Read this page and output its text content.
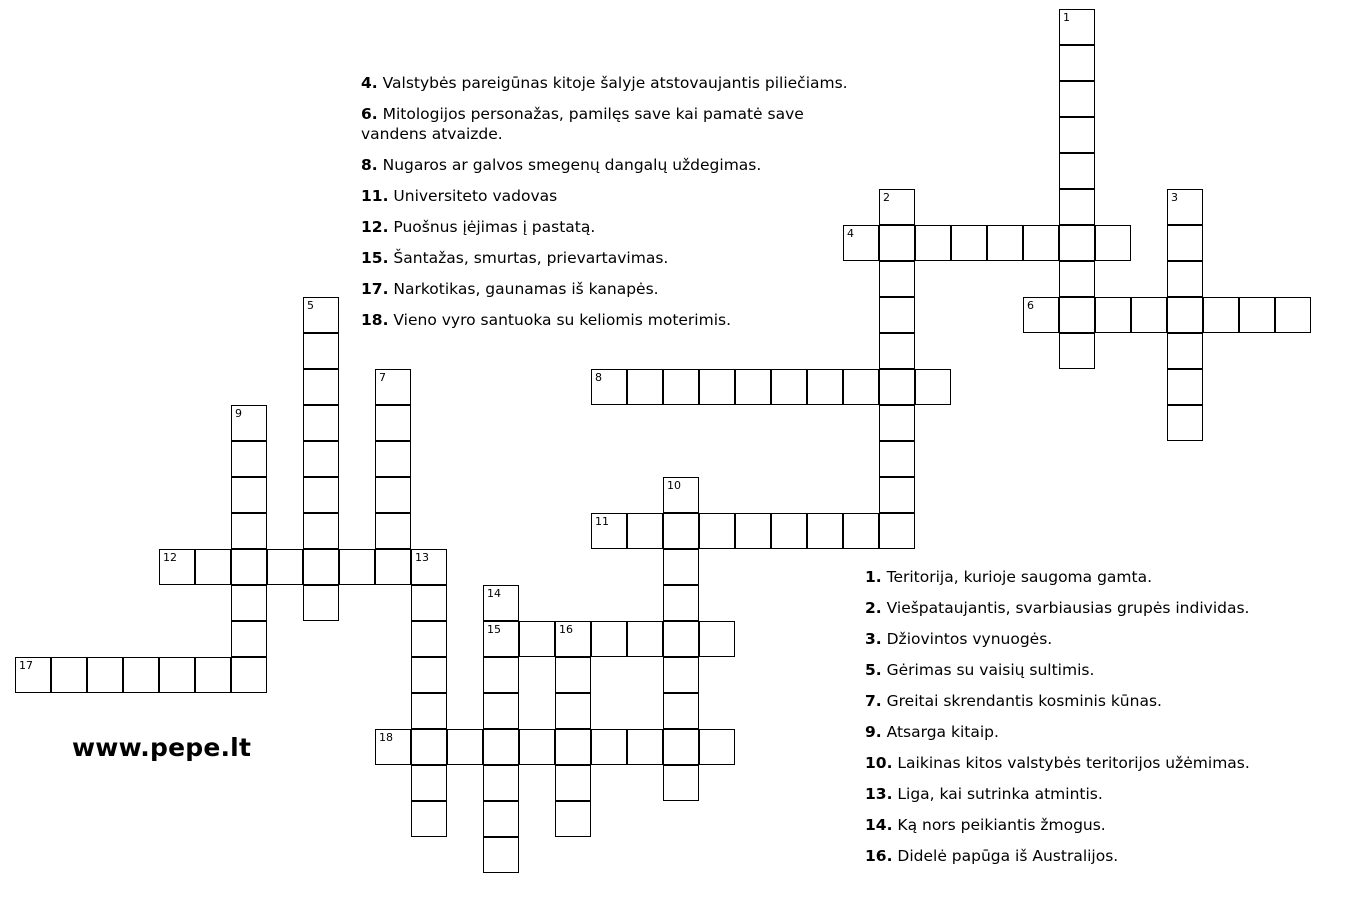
1
2	3
4
5	6
7	8
9
10
11
12	13
14
15	16
17
18
4. Valstybės pareigūnas kitoje šalyje atstovaujantis piliečiams.
6. Mitologijos personažas, pamilęs save kai pamatė save vandens atvaizde.
8. Nugaros ar galvos smegenų dangalų uždegimas.
11. Universiteto vadovas
12. Puošnus įėjimas į pastatą.
15. Šantažas, smurtas, prievartavimas.
17. Narkotikas, gaunamas iš kanapės.
18. Vieno vyro santuoka su keliomis moterimis.
1. Teritorija, kurioje saugoma gamta.
2. Viešpataujantis, svarbiausias grupės individas.
3. Džiovintos vynuogės.
5. Gėrimas su vaisių sultimis.
7. Greitai skrendantis kosminis kūnas.
9. Atsarga kitaip.
10. Laikinas kitos valstybės teritorijos užėmimas.
13. Liga, kai sutrinka atmintis.
14. Ką nors peikiantis žmogus.
16. Didelė papūga iš Australijos.
www.pepe.lt
